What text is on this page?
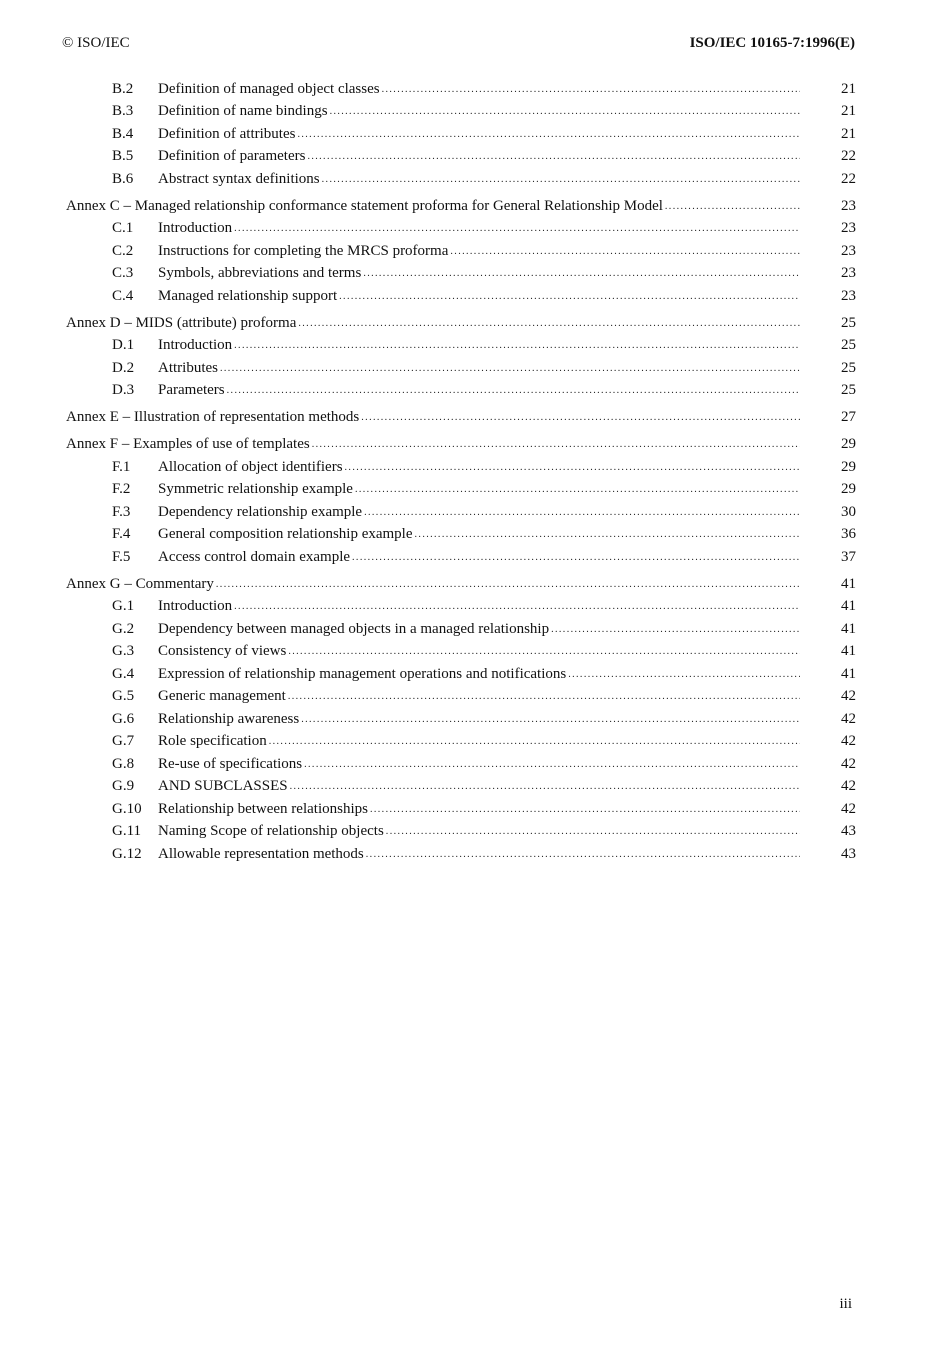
© ISO/IEC	ISO/IEC 10165-7:1996(E)
B.2 Definition of managed object classes .....	21
B.3 Definition of name bindings .....	21
B.4 Definition of attributes .....	21
B.5 Definition of parameters .....	22
B.6 Abstract syntax definitions .....	22
Annex C – Managed relationship conformance statement proforma for General Relationship Model .....	23
C.1 Introduction .....	23
C.2 Instructions for completing the MRCS proforma .....	23
C.3 Symbols, abbreviations and terms .....	23
C.4 Managed relationship support .....	23
Annex D – MIDS (attribute) proforma .....	25
D.1 Introduction .....	25
D.2 Attributes .....	25
D.3 Parameters .....	25
Annex E – Illustration of representation methods .....	27
Annex F – Examples of use of templates .....	29
F.1 Allocation of object identifiers .....	29
F.2 Symmetric relationship example .....	29
F.3 Dependency relationship example .....	30
F.4 General composition relationship example .....	36
F.5 Access control domain example .....	37
Annex G – Commentary .....	41
G.1 Introduction .....	41
G.2 Dependency between managed objects in a managed relationship .....	41
G.3 Consistency of views .....	41
G.4 Expression of relationship management operations and notifications .....	41
G.5 Generic management .....	42
G.6 Relationship awareness .....	42
G.7 Role specification .....	42
G.8 Re-use of specifications .....	42
G.9 AND SUBCLASSES .....	42
G.10 Relationship between relationships .....	42
G.11 Naming Scope of relationship objects .....	43
G.12 Allowable representation methods .....	43
iii
